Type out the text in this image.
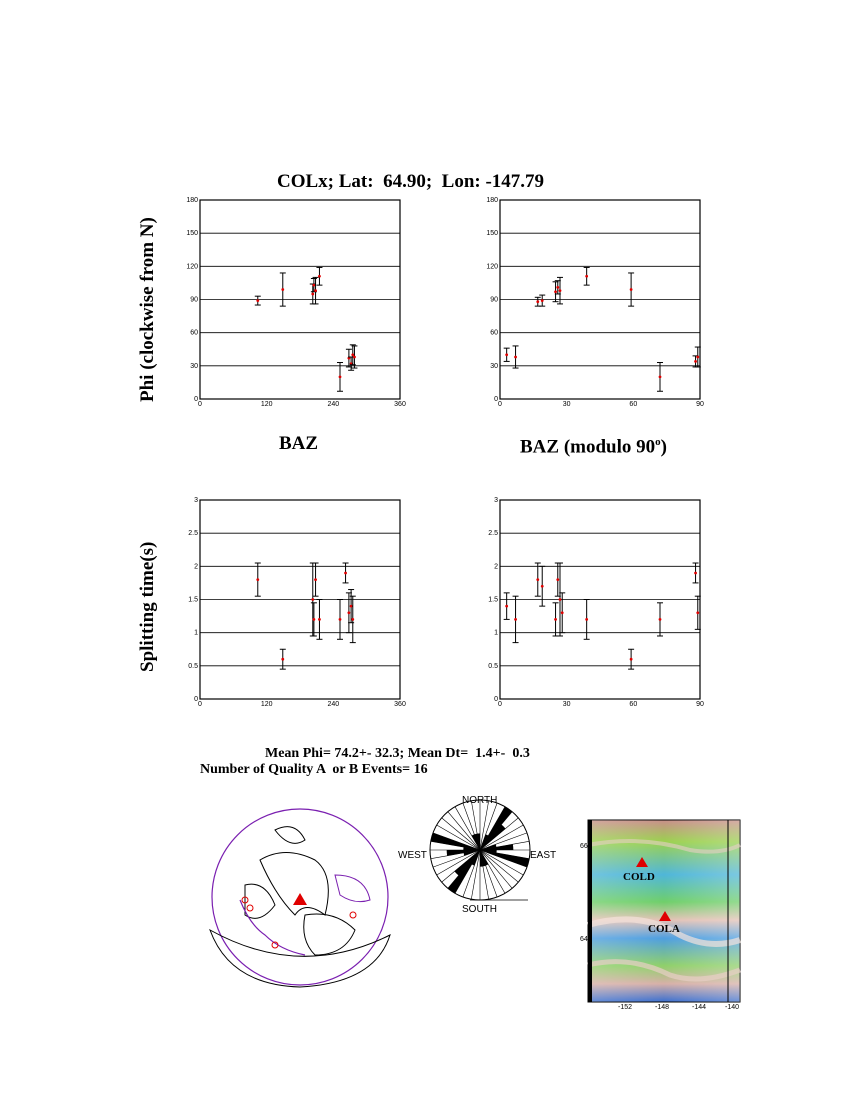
COLx; Lat:  64.90;  Lon: -147.79
Phi (clockwise from N)
Splitting time(s)
0
30
60
90
120
150
180
0	120	240	360
0
30
60
90
120
150
180
0	30	60	90
0
0.5
1
1.5
2
2.5
3
0	120	240	360
0
0.5
1
1.5
2
2.5
3
0	30	60	90
BAZ	BAZ (modulo 90$^o$)
Mean Phi= 74.2+- 32.3; Mean Dt=  1.4+-  0.3
Number of Quality A  or B Events= 16
NORTH
SOUTH
EAST
WEST
COLD
COLA
66
64
-152	-148	-144	-140
